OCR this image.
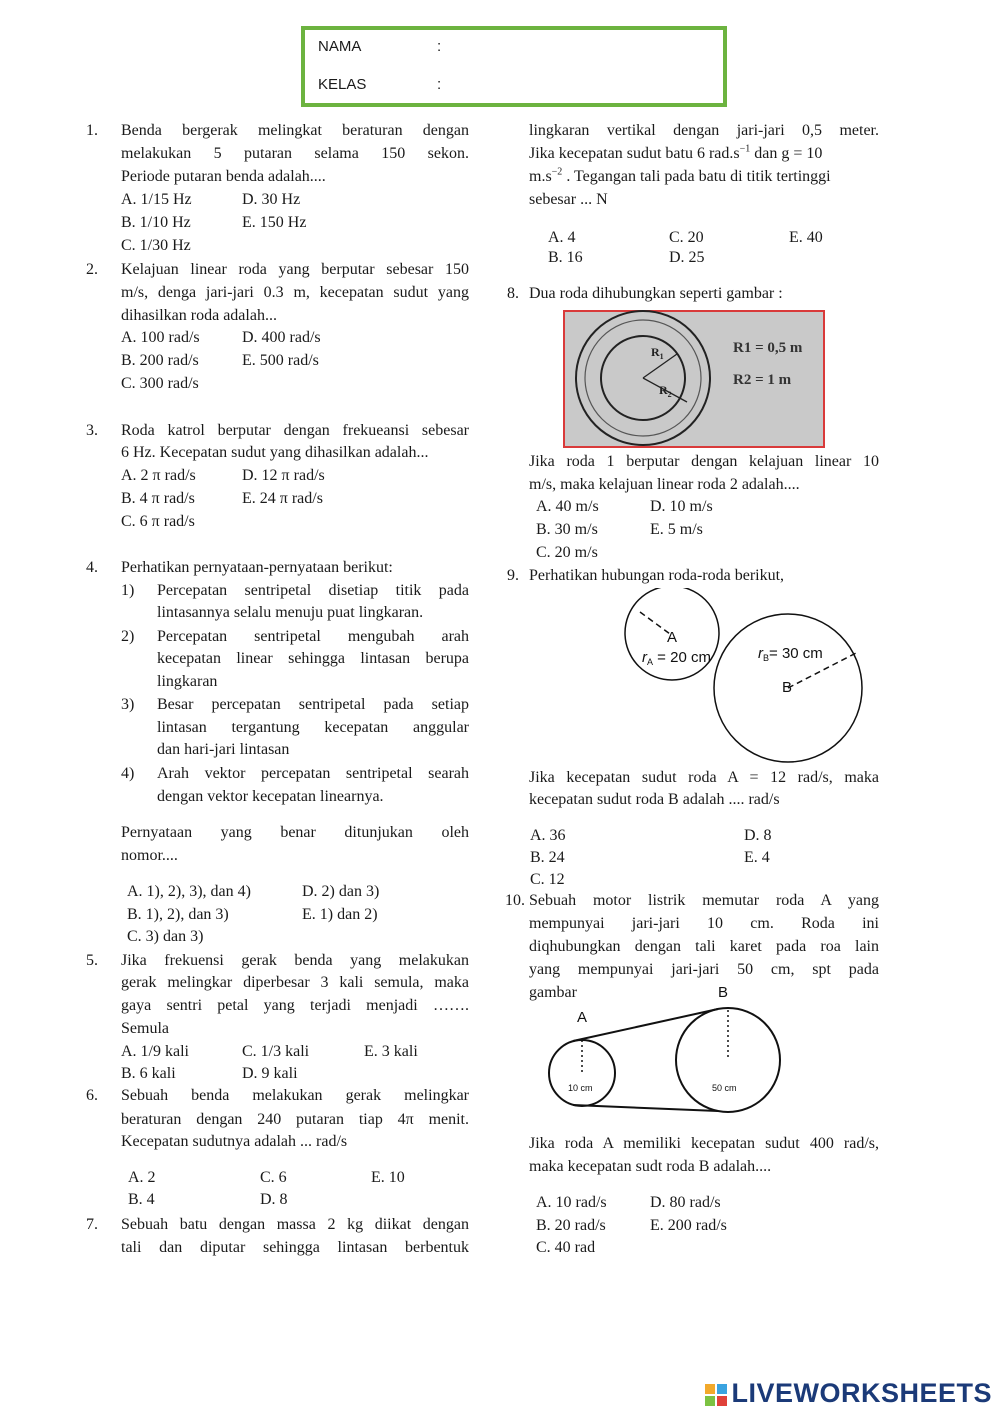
NAMA	:
KELAS	:
1. Benda bergerak melingkat beraturan dengan
melakukan 5 putaran selama 150 sekon.
Periode putaran benda adalah....
A. 1/15 Hz	D. 30 Hz
B. 1/10 Hz	E. 150 Hz
C. 1/30 Hz
2. Kelajuan linear roda yang berputar sebesar 150
m/s, denga jari-jari 0.3 m, kecepatan sudut yang
dihasilkan roda adalah...
A. 100 rad/s	D. 400 rad/s
B. 200 rad/s	E. 500 rad/s
C. 300 rad/s
3. Roda katrol berputar dengan frekueansi sebesar
6 Hz. Kecepatan sudut yang dihasilkan adalah...
A. 2 π rad/s	D. 12 π rad/s
B. 4 π rad/s	E. 24 π rad/s
C. 6 π rad/s
4. Perhatikan pernyataan-pernyataan berikut:
1) Percepatan sentripetal disetiap titik pada
lintasannya selalu menuju puat lingkaran.
2) Percepatan sentripetal mengubah arah
kecepatan linear sehingga lintasan berupa
lingkaran
3) Besar percepatan sentripetal pada setiap
lintasan tergantung kecepatan anggular
dan hari-jari lintasan
4) Arah vektor percepatan sentripetal searah
dengan vektor kecepatan linearnya.
Pernyataan yang benar ditunjukan oleh
nomor....
A. 1), 2), 3), dan 4)	D. 2) dan 3)
B. 1), 2), dan 3)	E. 1) dan 2)
C. 3) dan 3)
5. Jika frekuensi gerak benda yang melakukan
gerak melingkar diperbesar 3 kali semula, maka
gaya sentri petal yang terjadi menjadi …….
Semula
A. 1/9 kali	C. 1/3 kali	E. 3 kali
B. 6 kali	D. 9 kali
6. Sebuah benda melakukan gerak melingkar
beraturan dengan 240 putaran tiap 4π menit.
Kecepatan sudutnya adalah ... rad/s
A. 2	C. 6	E. 10
B. 4	D. 8
7. Sebuah batu dengan massa 2 kg diikat dengan
tali dan diputar sehingga lintasan berbentuk
lingkaran vertikal dengan jari-jari 0,5 meter.
Jika kecepatan sudut batu 6 $rad.s^{-1}$ dan g = 10
$m.s^{-2}$ . Tegangan tali pada batu di titik tertinggi
sebesar ... N
A. 4	C. 20	E. 40
B. 16	D. 25
8. Dua roda dihubungkan seperti gambar :
$R_1$
$R_2$
R1 = 0,5 m
R2 = 1 m
Jika roda 1 berputar dengan kelajuan linear 10
m/s, maka kelajuan linear roda 2 adalah....
A. 40 m/s	D. 10 m/s
B. 30 m/s	E. 5 m/s
C. 20 m/s
9. Perhatikan hubungan roda-roda berikut,
A
$r_A = 20$ cm	$r_B= 30$ cm
B
Jika kecepatan sudut roda A = 12 rad/s, maka
kecepatan sudut roda B adalah .... rad/s
A. 36	D. 8
B. 24	E. 4
C. 12
10. Sebuah motor listrik memutar roda A yang
mempunyai jari-jari 10 cm. Roda ini
diqhubungkan dengan tali karet pada roa lain
yang mempunyai jari-jari 50 cm, spt pada
gambar	B
A
10 cm	50 cm
Jika roda A memiliki kecepatan sudut 400 rad/s,
maka kecepatan sudt roda B adalah....
A. 10 rad/s	D. 80 rad/s
B. 20 rad/s	E. 200 rad/s
C. 40 rad
LIVEWORKSHEETS
